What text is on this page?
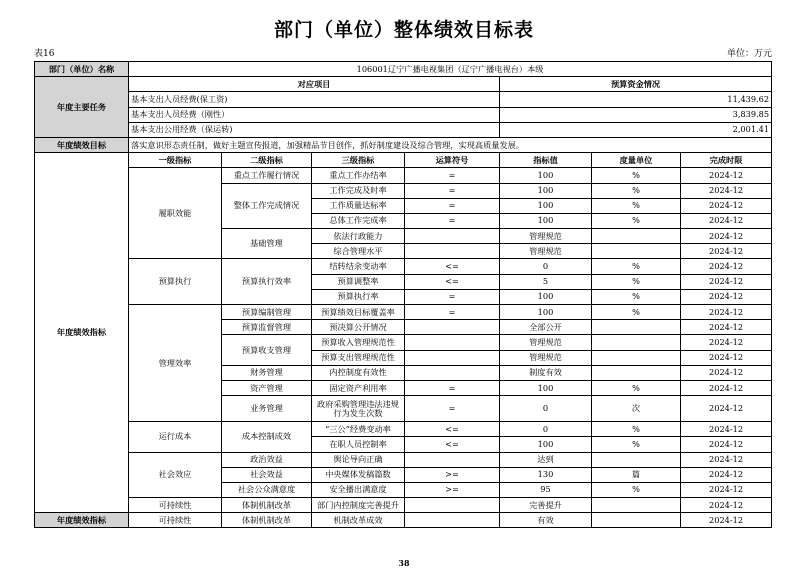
部门（单位）整体绩效目标表
表16	单位：万元
部门（单位）名称	106001辽宁广播电视集团（辽宁广播电视台）本级						
年度主要任务	对应项目				预算资金情况		
	基本支出人员经费(保工资)				11,439.62		
	基本支出人员经费（刚性）				3,839.85		
	基本支出公用经费（保运转)				2,001.41		
年度绩效目标	落实意识形态责任制，做好主题宣传报道，加强精品节目创作，抓好制度建设及综合管理，实现高质量发展。						
年度绩效指标	一级指标	二级指标	三级指标	运算符号	指标值	度量单位	完成时限
	履职效能	重点工作履行情况	重点工作办结率	=	100	%	2024-12
		整体工作完成情况	工作完成及时率	=	100	%	2024-12
			工作质量达标率	=	100	%	2024-12
			总体工作完成率	=	100	%	2024-12
		基础管理	依法行政能力		管理规范		2024-12
			综合管理水平		管理规范		2024-12
	预算执行	预算执行效率	结转结余变动率	<=	0	%	2024-12
			预算调整率	<=	5	%	2024-12
			预算执行率	=	100	%	2024-12
	管理效率	预算编制管理	预算绩效目标覆盖率	=	100	%	2024-12
		预算监督管理	预决算公开情况		全部公开		2024-12
		预算收支管理	预算收入管理规范性		管理规范		2024-12
			预算支出管理规范性		管理规范		2024-12
		财务管理	内控制度有效性		制度有效		2024-12
		资产管理	固定资产利用率	=	100	%	2024-12
		业务管理	政府采购管理违法违规行为发生次数	=	0	次	2024-12
	运行成本	成本控制成效	“三公”经费变动率	<=	0	%	2024-12
			在职人员控制率	<=	100	%	2024-12
	社会效应	政治效益	舆论导向正确		达到		2024-12
		社会效益	中央媒体发稿篇数	>=	130	篇	2024-12
		社会公众满意度	安全播出满意度	>=	95	%	2024-12
	可持续性	体制机制改革	部门内控制度完善提升		完善提升		2024-12
年度绩效指标	可持续性	体制机制改革	机制改革成效		有效		2024-12
38
